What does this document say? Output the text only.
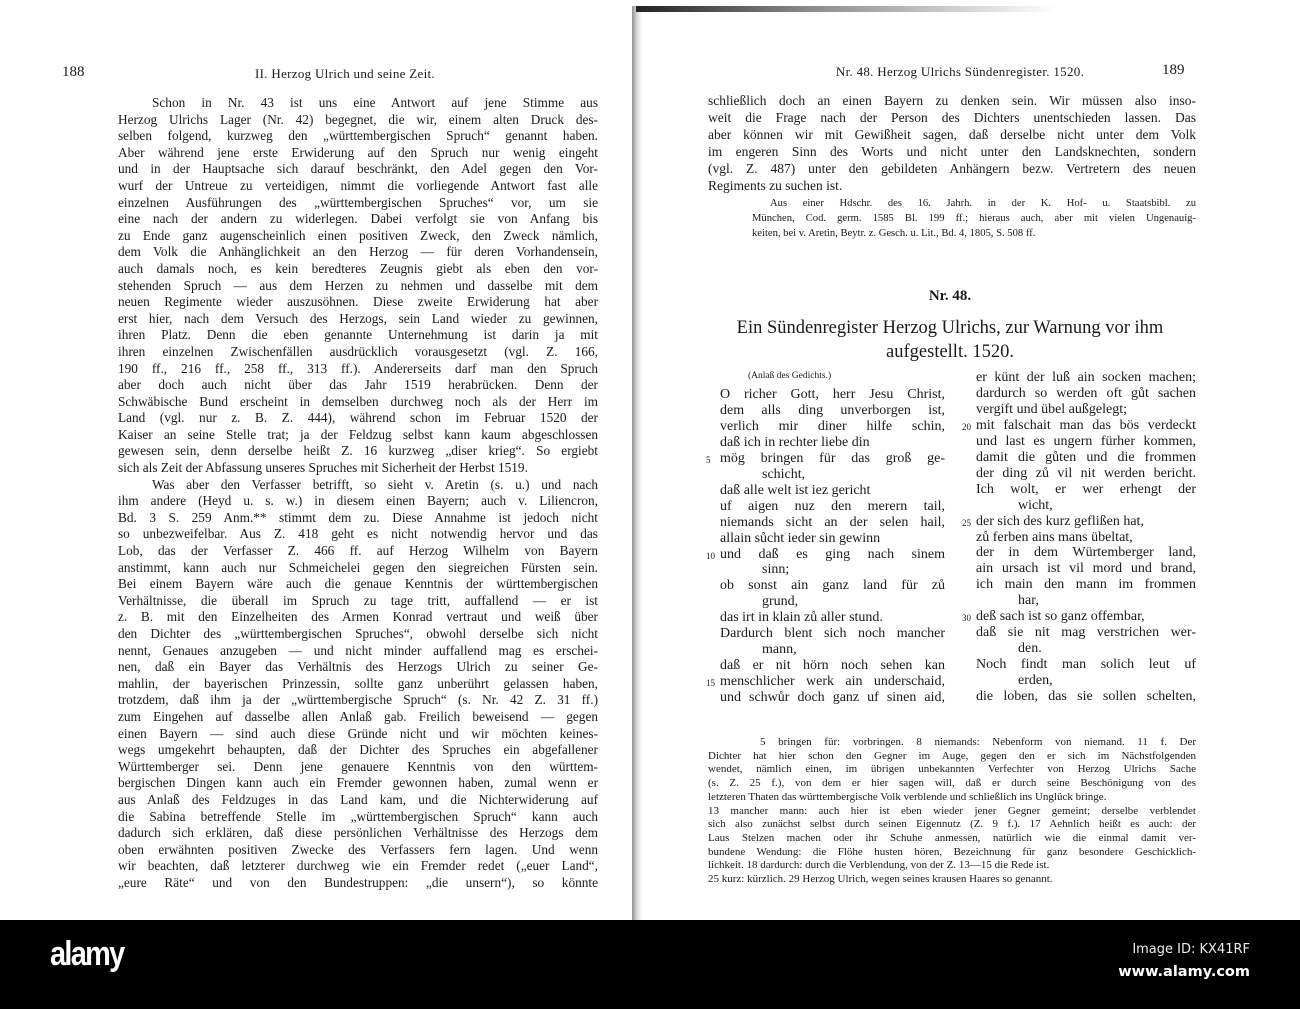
188	II. Herzog Ulrich und seine Zeit.
Schon in Nr. 43 ist uns eine Antwort auf jene Stimme aus
Herzog Ulrichs Lager (Nr. 42) begegnet, die wir, einem alten Druck des-
selben folgend, kurzweg den „württembergischen Spruch“ genannt haben.
Aber während jene erste Erwiderung auf den Spruch nur wenig eingeht
und in der Hauptsache sich darauf beschränkt, den Adel gegen den Vor-
wurf der Untreue zu verteidigen, nimmt die vorliegende Antwort fast alle
einzelnen Ausführungen des „württembergischen Spruches“ vor, um sie
eine nach der andern zu widerlegen. Dabei verfolgt sie von Anfang bis
zu Ende ganz augenscheinlich einen positiven Zweck, den Zweck nämlich,
dem Volk die Anhänglichkeit an den Herzog — für deren Vorhandensein,
auch damals noch, es kein beredteres Zeugnis giebt als eben den vor-
stehenden Spruch — aus dem Herzen zu nehmen und dasselbe mit dem
neuen Regimente wieder auszusöhnen. Diese zweite Erwiderung hat aber
erst hier, nach dem Versuch des Herzogs, sein Land wieder zu gewinnen,
ihren Platz. Denn die eben genannte Unternehmung ist darin ja mit
ihren einzelnen Zwischenfällen ausdrücklich vorausgesetzt (vgl. Z. 166,
190 ff., 216 ff., 258 ff., 313 ff.). Andererseits darf man den Spruch
aber doch auch nicht über das Jahr 1519 herabrücken. Denn der
Schwäbische Bund erscheint in demselben durchweg noch als der Herr im
Land (vgl. nur z. B. Z. 444), während schon im Februar 1520 der
Kaiser an seine Stelle trat; ja der Feldzug selbst kann kaum abgeschlossen
gewesen sein, denn derselbe heißt Z. 16 kurzweg „diser krieg“. So ergiebt
sich als Zeit der Abfassung unseres Spruches mit Sicherheit der Herbst 1519.
Was aber den Verfasser betrifft, so sieht v. Aretin (s. u.) und nach
ihm andere (Heyd u. s. w.) in diesem einen Bayern; auch v. Liliencron,
Bd. 3 S. 259 Anm.** stimmt dem zu. Diese Annahme ist jedoch nicht
so unbezweifelbar. Aus Z. 418 geht es nicht notwendig hervor und das
Lob, das der Verfasser Z. 466 ff. auf Herzog Wilhelm von Bayern
anstimmt, kann auch nur Schmeichelei gegen den siegreichen Fürsten sein.
Bei einem Bayern wäre auch die genaue Kenntnis der württembergischen
Verhältnisse, die überall im Spruch zu tage tritt, auffallend — er ist
z. B. mit den Einzelheiten des Armen Konrad vertraut und weiß über
den Dichter des „württembergischen Spruches“, obwohl derselbe sich nicht
nennt, Genaues anzugeben — und nicht minder auffallend mag es erschei-
nen, daß ein Bayer das Verhältnis des Herzogs Ulrich zu seiner Ge-
mahlin, der bayerischen Prinzessin, sollte ganz unberührt gelassen haben,
trotzdem, daß ihm ja der „württembergische Spruch“ (s. Nr. 42 Z. 31 ff.)
zum Eingehen auf dasselbe allen Anlaß gab. Freilich beweisend — gegen
einen Bayern — sind auch diese Gründe nicht und wir möchten keines-
wegs umgekehrt behaupten, daß der Dichter des Spruches ein abgefallener
Württemberger sei. Denn jene genauere Kenntnis von den württem-
bergischen Dingen kann auch ein Fremder gewonnen haben, zumal wenn er
aus Anlaß des Feldzuges in das Land kam, und die Nichterwiderung auf
die Sabina betreffende Stelle im „württembergischen Spruch“ kann auch
dadurch sich erklären, daß diese persönlichen Verhältnisse des Herzogs dem
oben erwähnten positiven Zwecke des Verfassers fern lagen. Und wenn
wir beachten, daß letzterer durchweg wie ein Fremder redet („euer Land“,
„eure Räte“ und von den Bundestruppen: „die unsern“), so könnte
Nr. 48. Herzog Ulrichs Sündenregister. 1520.	189
schließlich doch an einen Bayern zu denken sein. Wir müssen also inso-
weit die Frage nach der Person des Dichters unentschieden lassen. Das
aber können wir mit Gewißheit sagen, daß derselbe nicht unter dem Volk
im engeren Sinn des Worts und nicht unter den Landsknechten, sondern
(vgl. Z. 487) unter den gebildeten Anhängern bezw. Vertretern des neuen
Regiments zu suchen ist.
Aus einer Hdschr. des 16. Jahrh. in der K. Hof- u. Staatsbibl. zu
München, Cod. germ. 1585 Bl. 199 ff.; hieraus auch, aber mit vielen Ungenauig-
keiten, bei v. Aretin, Beytr. z. Gesch. u. Lit., Bd. 4, 1805, S. 508 ff.
Nr. 48.
Ein Sündenregister Herzog Ulrichs, zur Warnung vor ihm
aufgestellt. 1520.
(Anlaß des Gedichts.)
O richer Gott, herr Jesu Christ,
dem alls ding unverborgen ist,
verlich mir diner hilfe schin,
daß ich in rechter liebe din
5 mög bringen für das groß ge-
schicht,
daß alle welt ist iez gericht
uf aigen nuz den merern tail,
niemands sicht an der selen hail,
allain sůcht ieder sin gewinn
10 und daß es ging nach sinem
sinn;
ob sonst ain ganz land für zů
grund,
das irt in klain zů aller stund.
Dardurch blent sich noch mancher
mann,
daß er nit hörn noch sehen kan
15 menschlicher werk ain underschaid,
und schwůr doch ganz uf sinen aid,
er künt der luß ain socken machen;
dardurch so werden oft gůt sachen
vergift und übel außgelegt;
20 mit falschait man das bös verdeckt
und last es ungern fürher kommen,
damit die gůten und die frommen
der ding zů vil nit werden bericht.
Ich wolt, er wer erhengt der
wicht,
25 der sich des kurz geflißen hat,
zů ferben ains mans übeltat,
der in dem Würtemberger land,
ain ursach ist vil mord und brand,
ich main den mann im frommen
har,
30 deß sach ist so ganz offembar,
daß sie nit mag verstrichen wer-
den.
Noch findt man solich leut uf
erden,
die loben, das sie sollen schelten,
5 bringen für: vorbringen. 8 niemands: Nebenform von niemand. 11 f. Der
Dichter hat hier schon den Gegner im Auge, gegen den er sich im Nächstfolgenden
wendet, nämlich einen, im übrigen unbekannten Verfechter von Herzog Ulrichs Sache
(s. Z. 25 f.), von dem er hier sagen will, daß er durch seine Beschönigung von des
letzteren Thaten das württembergische Volk verblende und schließlich ins Unglück bringe.
13 mancher mann: auch hier ist eben wieder jener Gegner gemeint; derselbe verblendet
sich also zunächst selbst durch seinen Eigennutz (Z. 9 f.). 17 Aehnlich heißt es auch: der
Laus Stelzen machen oder ihr Schuhe anmessen, natürlich wie die einmal damit ver-
bundene Wendung: die Flöhe husten hören, Bezeichnung für ganz besondere Geschicklich-
lichkeit. 18 dardurch: durch die Verblendung, von der Z. 13—15 die Rede ist.
25 kurz: kürzlich. 29 Herzog Ulrich, wegen seines krausen Haares so genannt.
alamy	Image ID: KX41RF
www.alamy.com
